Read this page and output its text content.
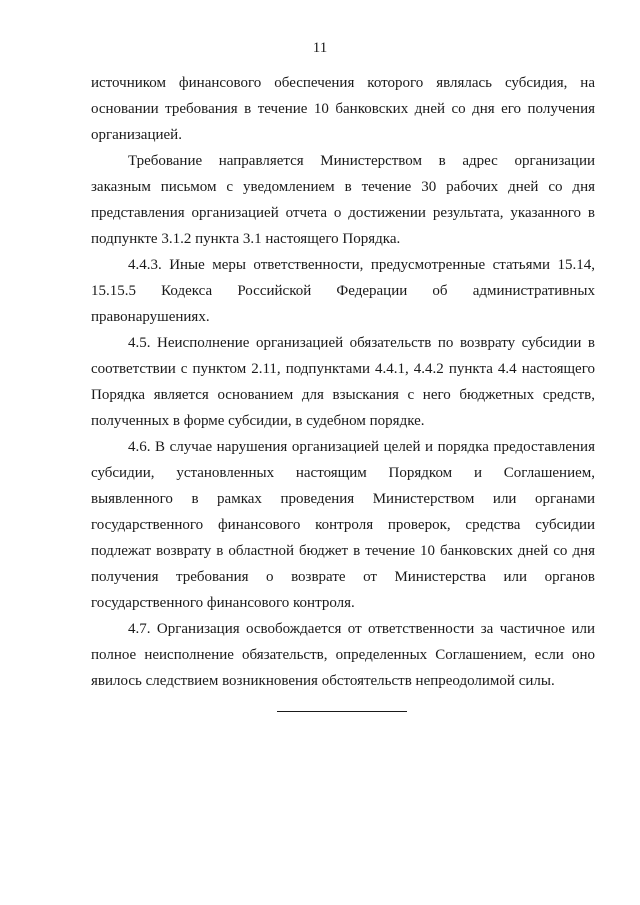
11
источником финансового обеспечения которого являлась субсидия, на
основании требования в течение 10 банковских дней со дня его получения
организацией.
Требование направляется Министерством в адрес организации
заказным письмом с уведомлением в течение 30 рабочих дней со дня
представления организацией отчета о достижении результата, указанного в
подпункте 3.1.2 пункта 3.1 настоящего Порядка.
4.4.3. Иные меры ответственности, предусмотренные статьями 15.14,
15.15.5 Кодекса Российской Федерации об административных
правонарушениях.
4.5. Неисполнение организацией обязательств по возврату субсидии в
соответствии с пунктом 2.11, подпунктами 4.4.1, 4.4.2 пункта 4.4 настоящего
Порядка является основанием для взыскания с него бюджетных средств,
полученных в форме субсидии, в судебном порядке.
4.6. В случае нарушения организацией целей и порядка предоставления
субсидии, установленных настоящим Порядком и Соглашением,
выявленного в рамках проведения Министерством или органами
государственного финансового контроля проверок, средства субсидии
подлежат возврату в областной бюджет в течение 10 банковских дней со дня
получения требования о возврате от Министерства или органов
государственного финансового контроля.
4.7. Организация освобождается от ответственности за частичное или
полное неисполнение обязательств, определенных Соглашением, если оно
явилось следствием возникновения обстоятельств непреодолимой силы.
